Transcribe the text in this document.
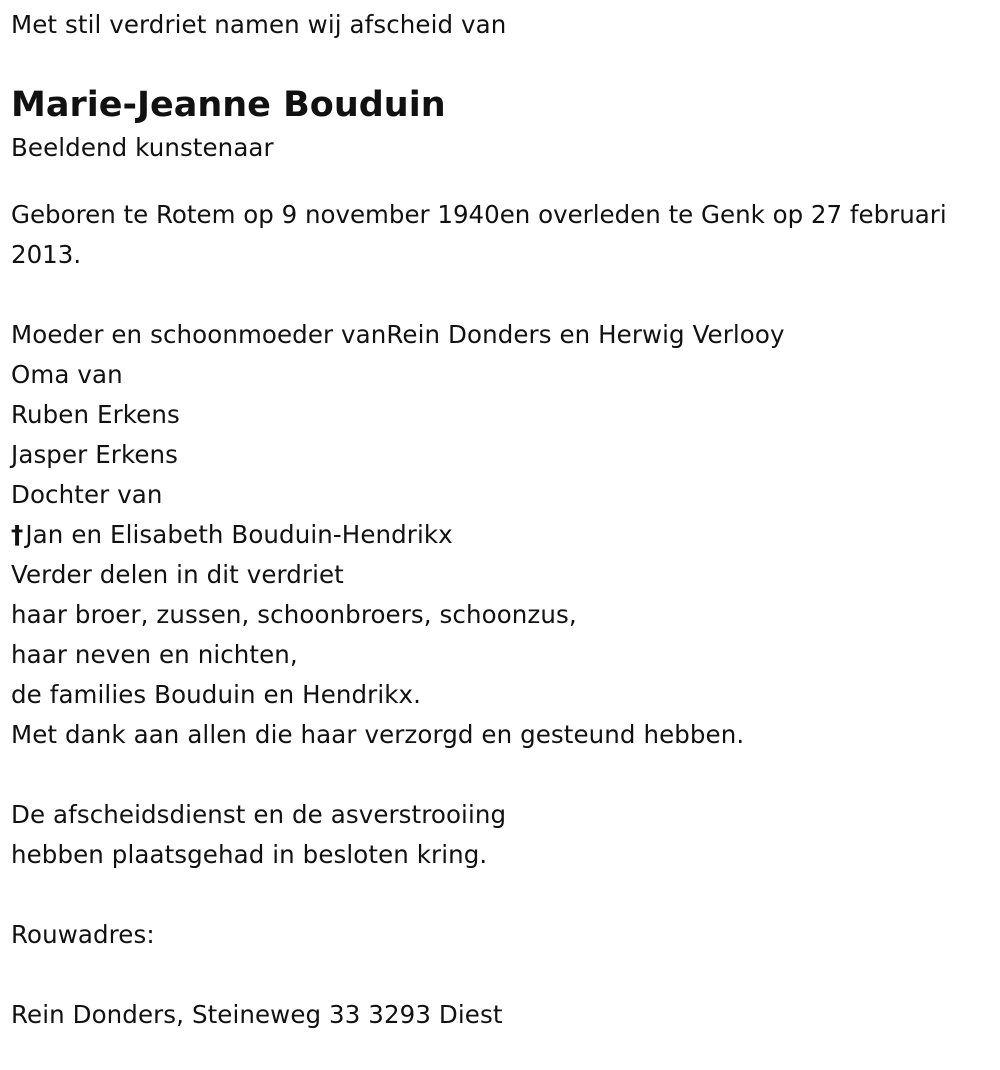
Met stil verdriet namen wij afscheid van
Marie-Jeanne Bouduin
Beeldend kunstenaar
Geboren te Rotem op 9 november 1940en overleden te Genk op 27 februari 2013.
Moeder en schoonmoeder vanRein Donders en Herwig Verlooy
Oma van
Ruben Erkens
Jasper Erkens
Dochter van
†Jan en Elisabeth Bouduin-Hendrikx
Verder delen in dit verdriet
haar broer, zussen, schoonbroers, schoonzus,
haar neven en nichten,
de families Bouduin en Hendrikx.
Met dank aan allen die haar verzorgd en gesteund hebben.
De afscheidsdienst en de asverstrooiing
hebben plaatsgehad in besloten kring.
Rouwadres:
Rein Donders, Steineweg 33 3293 Diest
